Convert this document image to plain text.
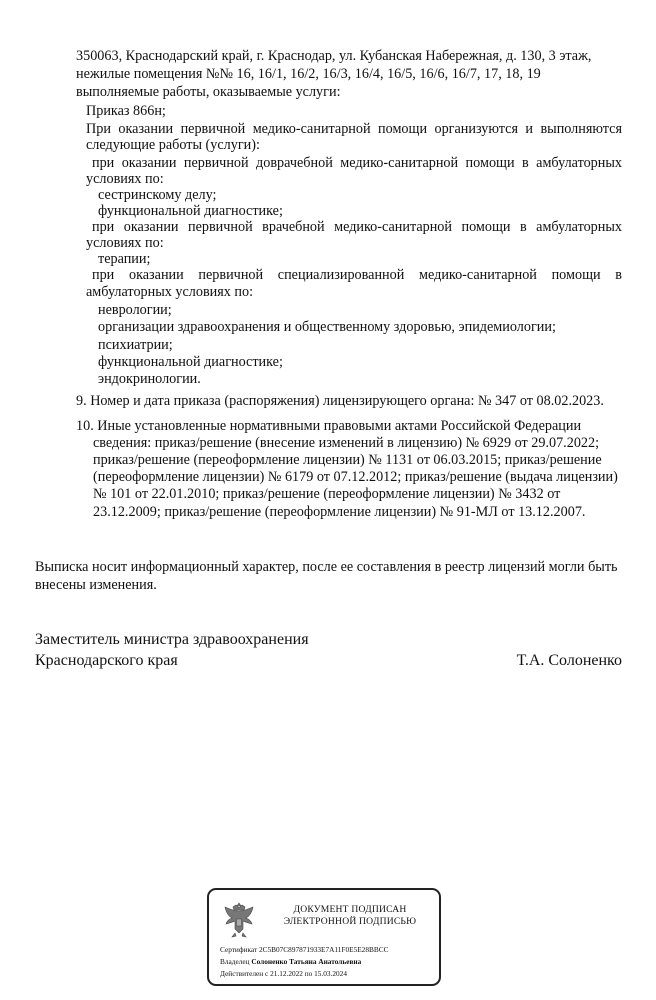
350063, Краснодарский край, г. Краснодар, ул. Кубанская Набережная, д. 130, 3 этаж,
нежилые помещения №№ 16, 16/1, 16/2, 16/3, 16/4, 16/5, 16/6, 16/7, 17, 18, 19
выполняемые работы, оказываемые услуги:
Приказ 866н;
При оказании первичной медико-санитарной помощи организуются и выполняются
следующие работы (услуги):
при оказании первичной доврачебной медико-санитарной помощи в амбулаторных
условиях по:
сестринскому делу;
функциональной диагностике;
при оказании первичной врачебной медико-санитарной помощи в амбулаторных
условиях по:
терапии;
при оказании первичной специализированной медико-санитарной помощи в
амбулаторных условиях по:
неврологии;
организации здравоохранения и общественному здоровью, эпидемиологии;
психиатрии;
функциональной диагностике;
эндокринологии.
9. Номер и дата приказа (распоряжения) лицензирующего органа: № 347 от 08.02.2023.
10. Иные установленные нормативными правовыми актами Российской Федерации
сведения: приказ/решение (внесение изменений в лицензию) № 6929 от 29.07.2022;
приказ/решение (переоформление лицензии) № 1131 от 06.03.2015; приказ/решение
(переоформление лицензии) № 6179 от 07.12.2012; приказ/решение (выдача лицензии)
№ 101 от 22.01.2010; приказ/решение (переоформление лицензии) № 3432 от
23.12.2009; приказ/решение (переоформление лицензии) № 91-МЛ от 13.12.2007.
Выписка носит информационный характер, после ее составления в реестр лицензий могли быть
внесены изменения.
Заместитель министра здравоохранения
Краснодарского края	Т.А. Солоненко
ДОКУМЕНТ ПОДПИСАН
ЭЛЕКТРОННОЙ ПОДПИСЬЮ
Сертификат 2C5B07C897871933E7A11F0E5E28BBCC
Владелец Солоненко Татьяна Анатольевна
Действителен с 21.12.2022 по 15.03.2024
